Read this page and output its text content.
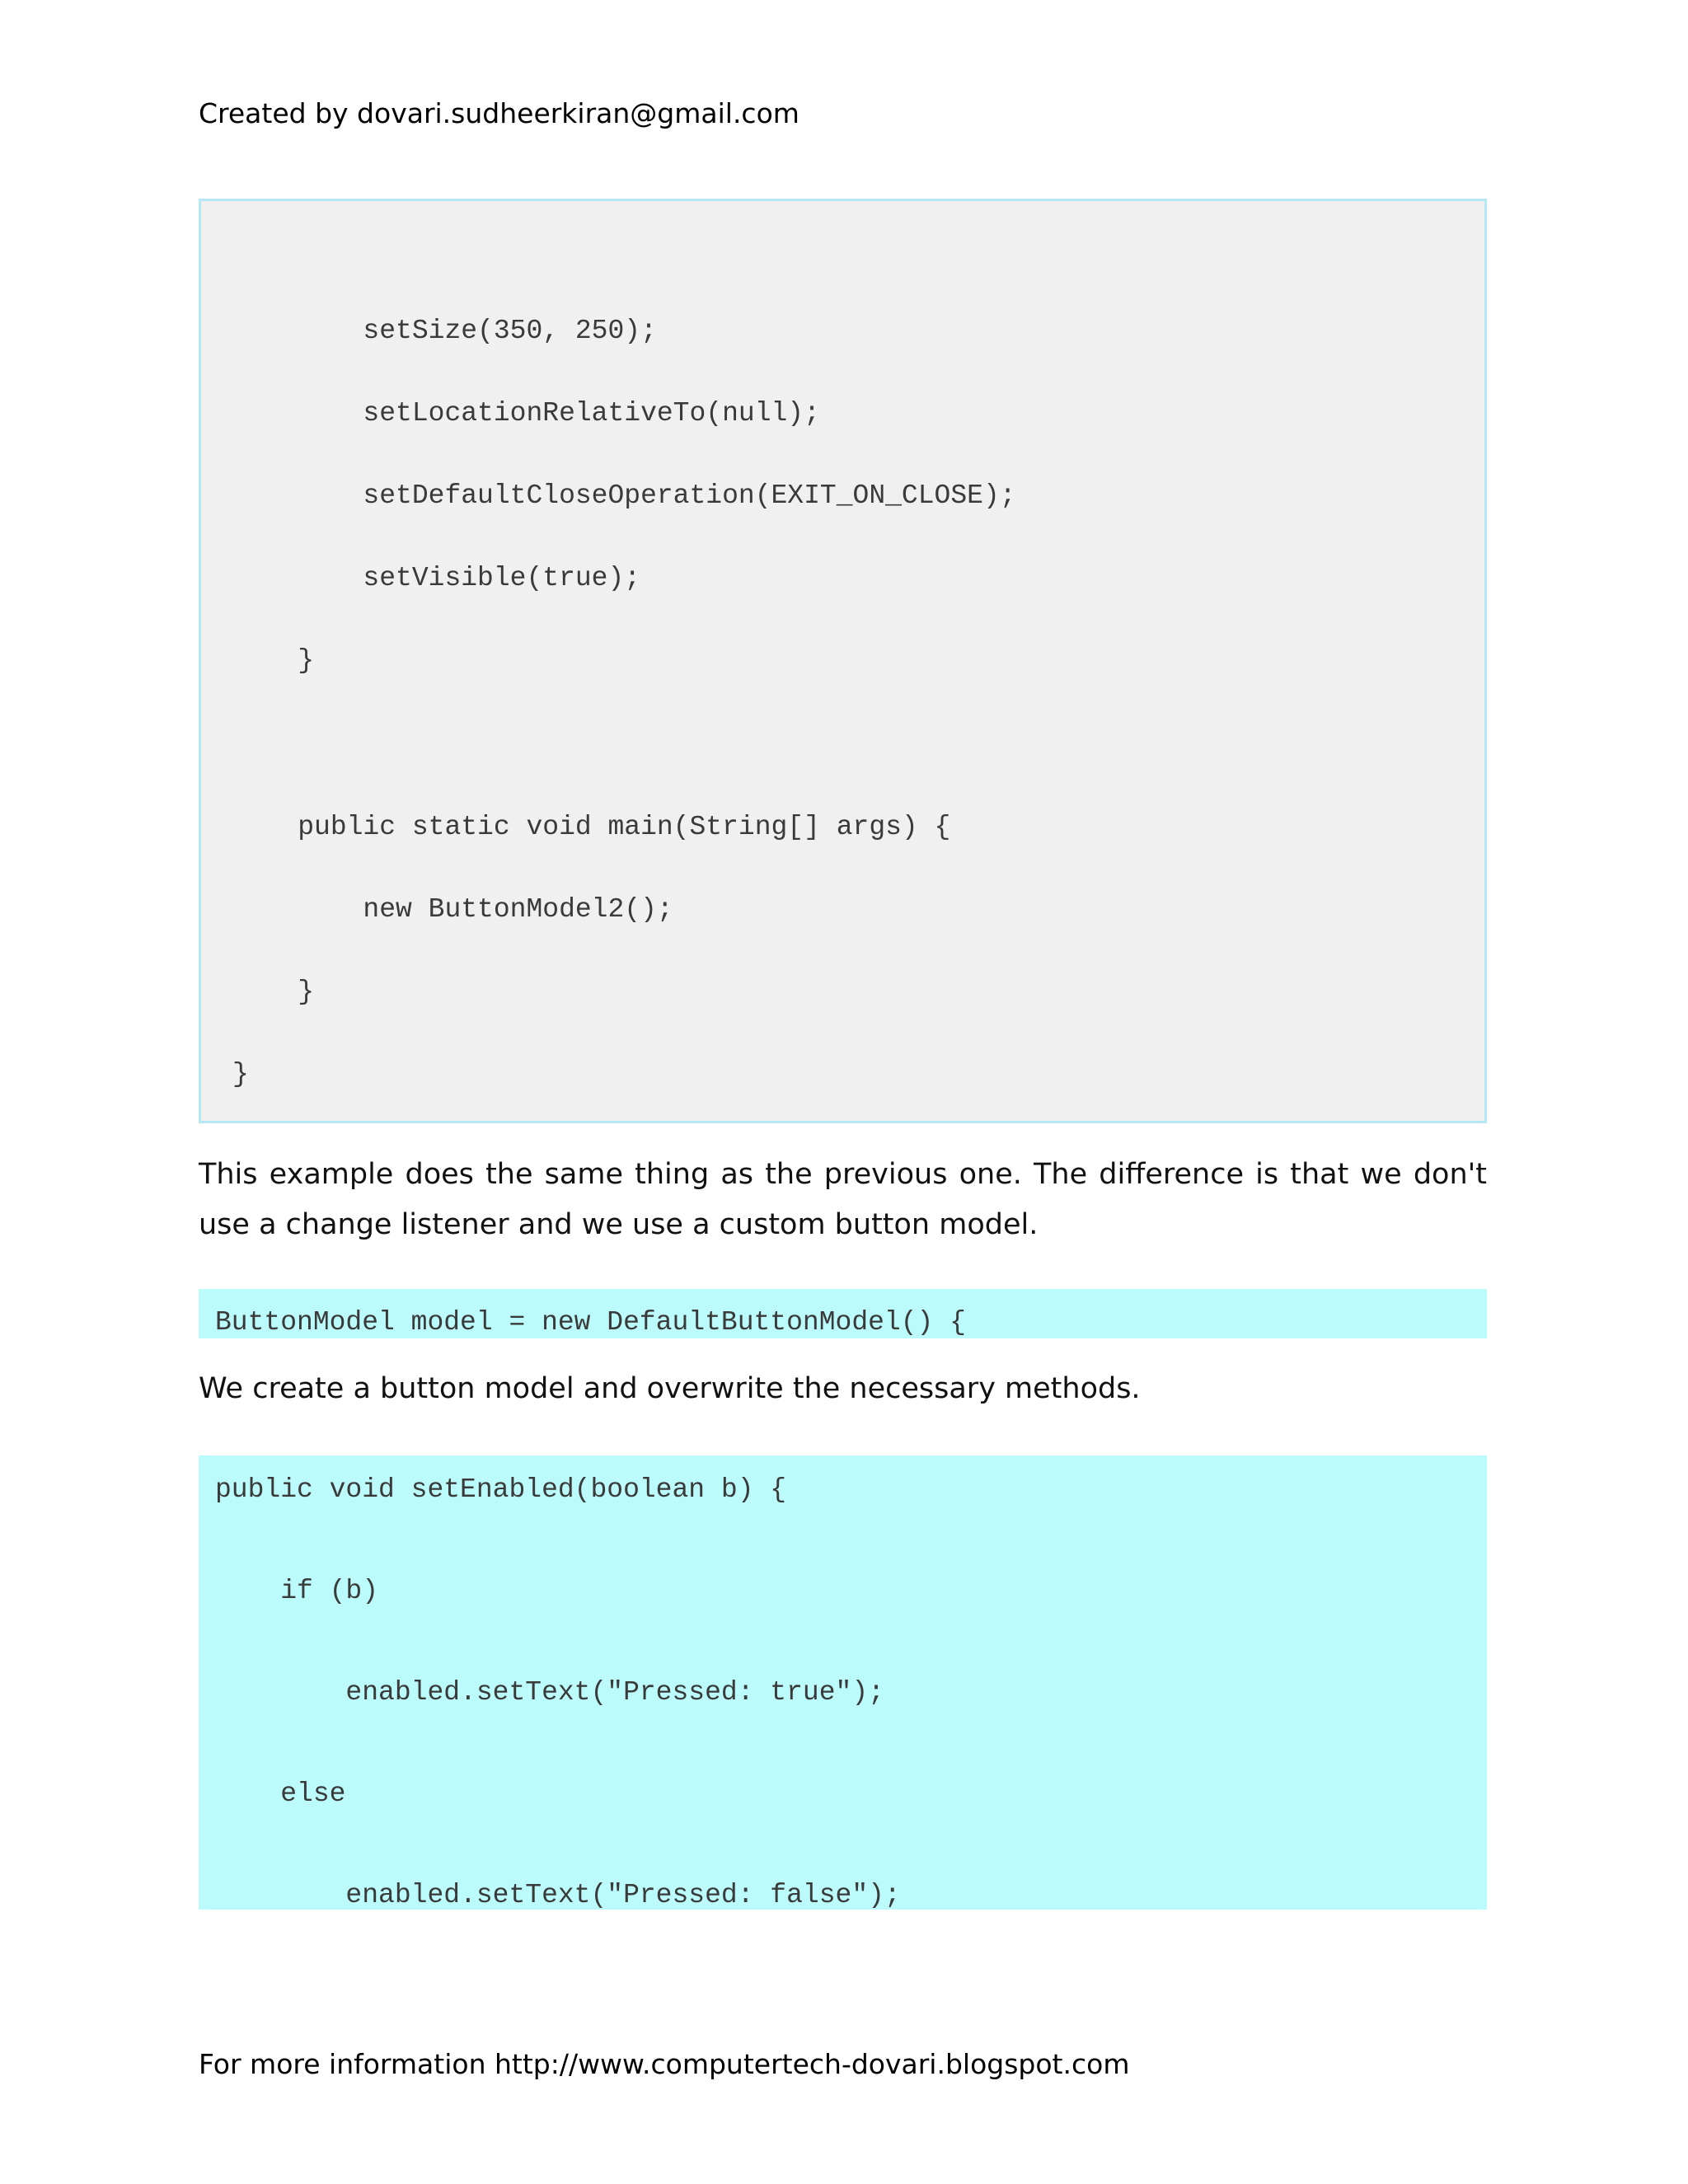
Created by dovari.sudheerkiran@gmail.com
setSize(350, 250);
setLocationRelativeTo(null);
setDefaultCloseOperation(EXIT_ON_CLOSE);
setVisible(true);
}
public static void main(String[] args) {
new ButtonModel2();
}
}
This example does the same thing as the previous one. The difference is that we don't use a change listener and we use a custom button model.
ButtonModel model = new DefaultButtonModel() {
We create a button model and overwrite the necessary methods.
public void setEnabled(boolean b) {
if (b)
enabled.setText("Pressed: true");
else
enabled.setText("Pressed: false");
For more information http://www.computertech-dovari.blogspot.com
